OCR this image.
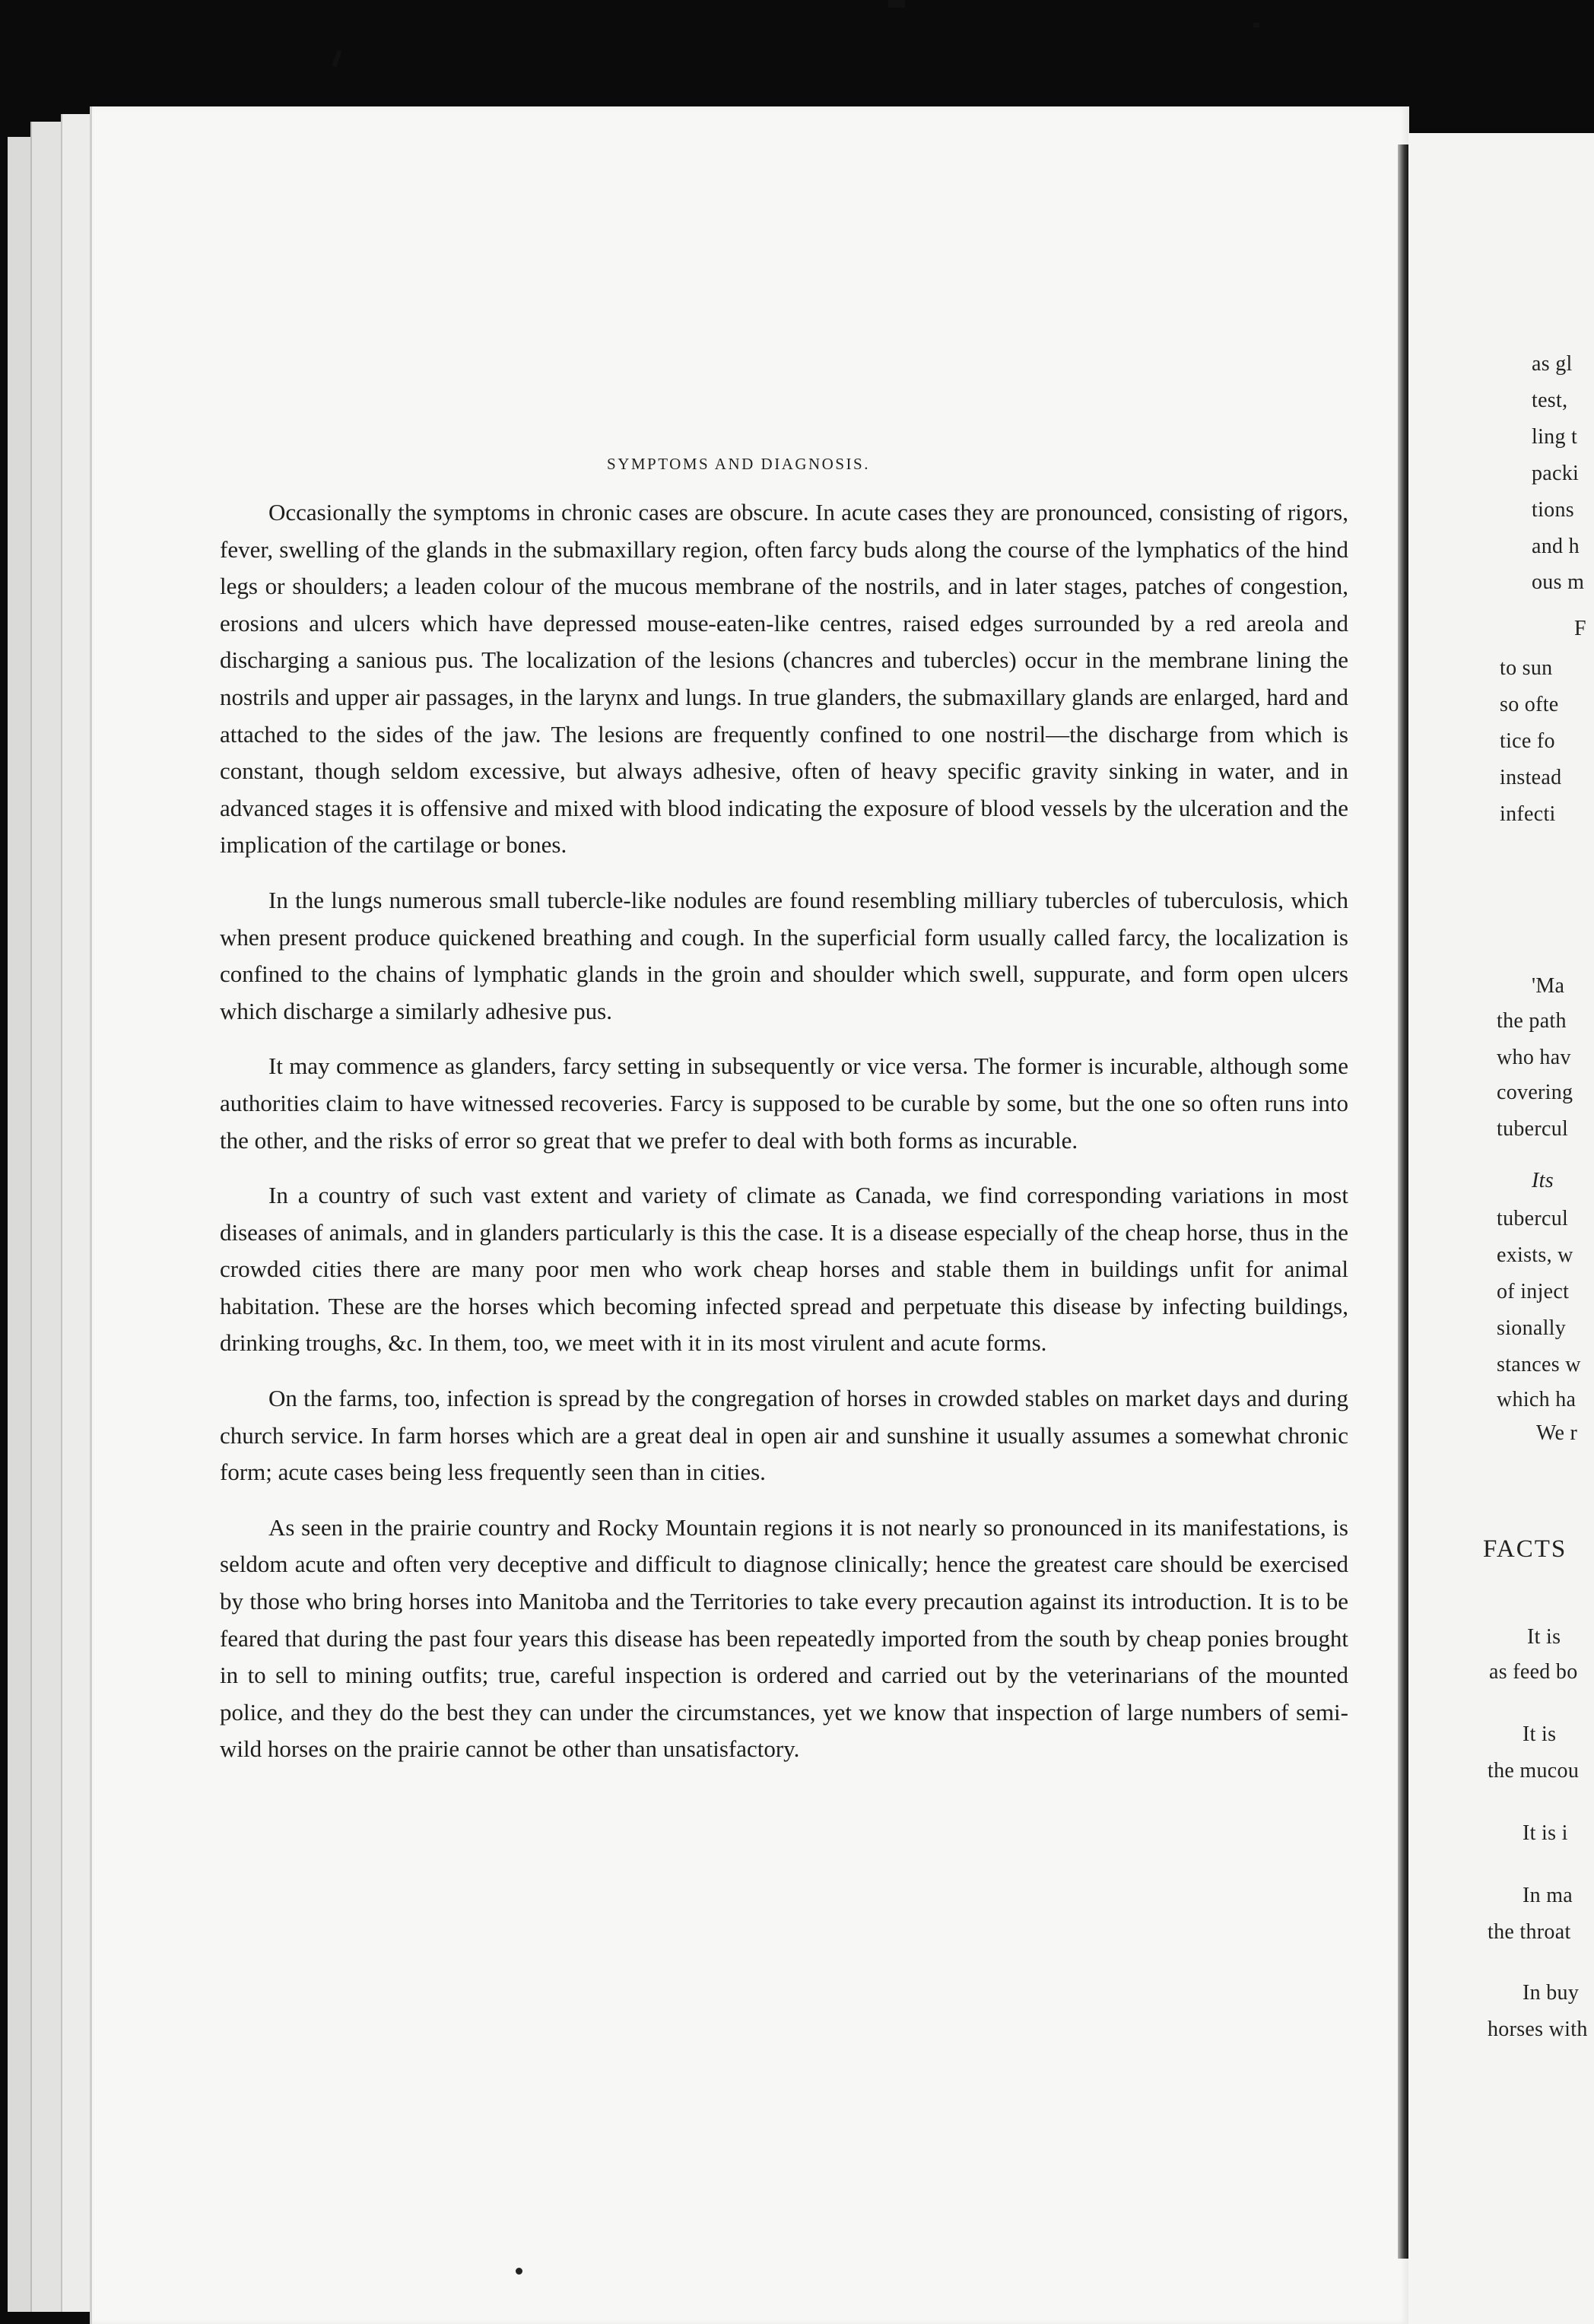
SYMPTOMS AND DIAGNOSIS.

Occasionally the symptoms in chronic cases are obscure. In acute cases they are pronounced, consisting of rigors, fever, swelling of the glands in the submaxillary region, often farcy buds along the course of the lymphatics of the hind legs or shoulders; a leaden colour of the mucous membrane of the nostrils, and in later stages, patches of congestion, erosions and ulcers which have depressed mouse-eaten-like centres, raised edges surrounded by a red areola and discharging a sanious pus. The localization of the lesions (chancres and tubercles) occur in the membrane lining the nostrils and upper air passages, in the larynx and lungs. In true glanders, the submaxillary glands are enlarged, hard and attached to the sides of the jaw. The lesions are frequently confined to one nostril—the discharge from which is constant, though seldom excessive, but always adhesive, often of heavy specific gravity sinking in water, and in advanced stages it is offensive and mixed with blood indicating the exposure of blood vessels by the ulceration and the implication of the cartilage or bones.

In the lungs numerous small tubercle-like nodules are found resembling milliary tubercles of tuberculosis, which when present produce quickened breathing and cough. In the superficial form usually called farcy, the localization is confined to the chains of lymphatic glands in the groin and shoulder which swell, suppurate, and form open ulcers which discharge a similarly adhesive pus.

It may commence as glanders, farcy setting in subsequently or vice versa. The former is incurable, although some authorities claim to have witnessed recoveries. Farcy is supposed to be curable by some, but the one so often runs into the other, and the risks of error so great that we prefer to deal with both forms as incurable.

In a country of such vast extent and variety of climate as Canada, we find corresponding variations in most diseases of animals, and in glanders particularly is this the case. It is a disease especially of the cheap horse, thus in the crowded cities there are many poor men who work cheap horses and stable them in buildings unfit for animal habitation. These are the horses which becoming infected spread and perpetuate this disease by infecting buildings, drinking troughs, &c. In them, too, we meet with it in its most virulent and acute forms.

On the farms, too, infection is spread by the congregation of horses in crowded stables on market days and during church service. In farm horses which are a great deal in open air and sunshine it usually assumes a somewhat chronic form; acute cases being less frequently seen than in cities.

As seen in the prairie country and Rocky Mountain regions it is not nearly so pronounced in its manifestations, is seldom acute and often very deceptive and difficult to diagnose clinically; hence the greatest care should be exercised by those who bring horses into Manitoba and the Territories to take every precaution against its introduction. It is to be feared that during the past four years this disease has been repeatedly imported from the south by cheap ponies brought in to sell to mining outfits; true, careful inspection is ordered and carried out by the veterinarians of the mounted police, and they do the best they can under the circumstances, yet we know that inspection of large numbers of semi-wild horses on the prairie cannot be other than unsatisfactory.

as gl
test,
ling t
packi
tions
and h
ous m
F
to sun
so ofte
tice fo
instead
infecti
'Ma
the path
who hav
covering
tubercul
Its
tubercul
exists, w
of inject
sionally
stances w
which ha
We r
FACTS
It is
as feed bo
It is
the mucou
It is i
In ma
the throat
In buy
horses with
